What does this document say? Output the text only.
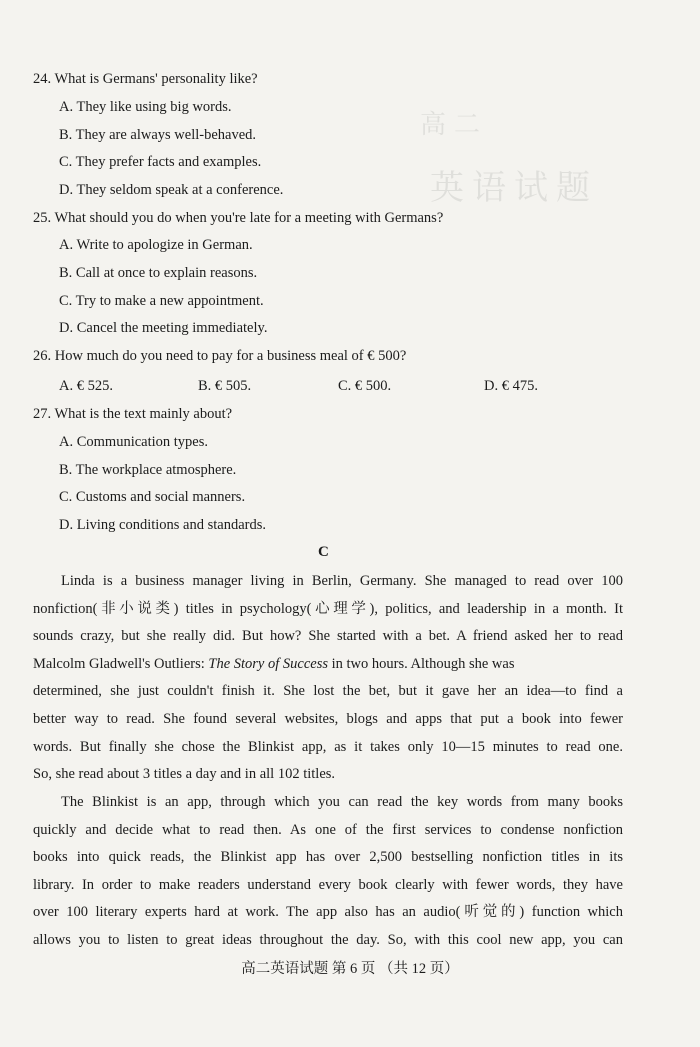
高二
英语试题
24. What is Germans' personality like?
A. They like using big words.
B. They are always well-behaved.
C. They prefer facts and examples.
D. They seldom speak at a conference.
25. What should you do when you're late for a meeting with Germans?
A. Write to apologize in German.
B. Call at once to explain reasons.
C. Try to make a new appointment.
D. Cancel the meeting immediately.
26. How much do you need to pay for a business meal of € 500?
A. € 525.	B. € 505.	C. € 500.	D. € 475.
27. What is the text mainly about?
A. Communication types.
B. The workplace atmosphere.
C. Customs and social manners.
D. Living conditions and standards.
C
Linda is a business manager living in Berlin, Germany. She managed to read over 100
nonfiction(非小说类) titles in psychology(心理学), politics, and leadership in a month. It
sounds crazy, but she really did. But how? She started with a bet. A friend asked her to read
Malcolm Gladwell's Outliers: The Story of Success in two hours. Although she was
determined, she just couldn't finish it. She lost the bet, but it gave her an idea—to find a
better way to read. She found several websites, blogs and apps that put a book into fewer
words. But finally she chose the Blinkist app, as it takes only 10—15 minutes to read one.
So, she read about 3 titles a day and in all 102 titles.
The Blinkist is an app, through which you can read the key words from many books
quickly and decide what to read then. As one of the first services to condense nonfiction
books into quick reads, the Blinkist app has over 2,500 bestselling nonfiction titles in its
library. In order to make readers understand every book clearly with fewer words, they have
over 100 literary experts hard at work. The app also has an audio(听觉的) function which
allows you to listen to great ideas throughout the day. So, with this cool new app, you can
高二英语试题 第 6 页 （共 12 页）
